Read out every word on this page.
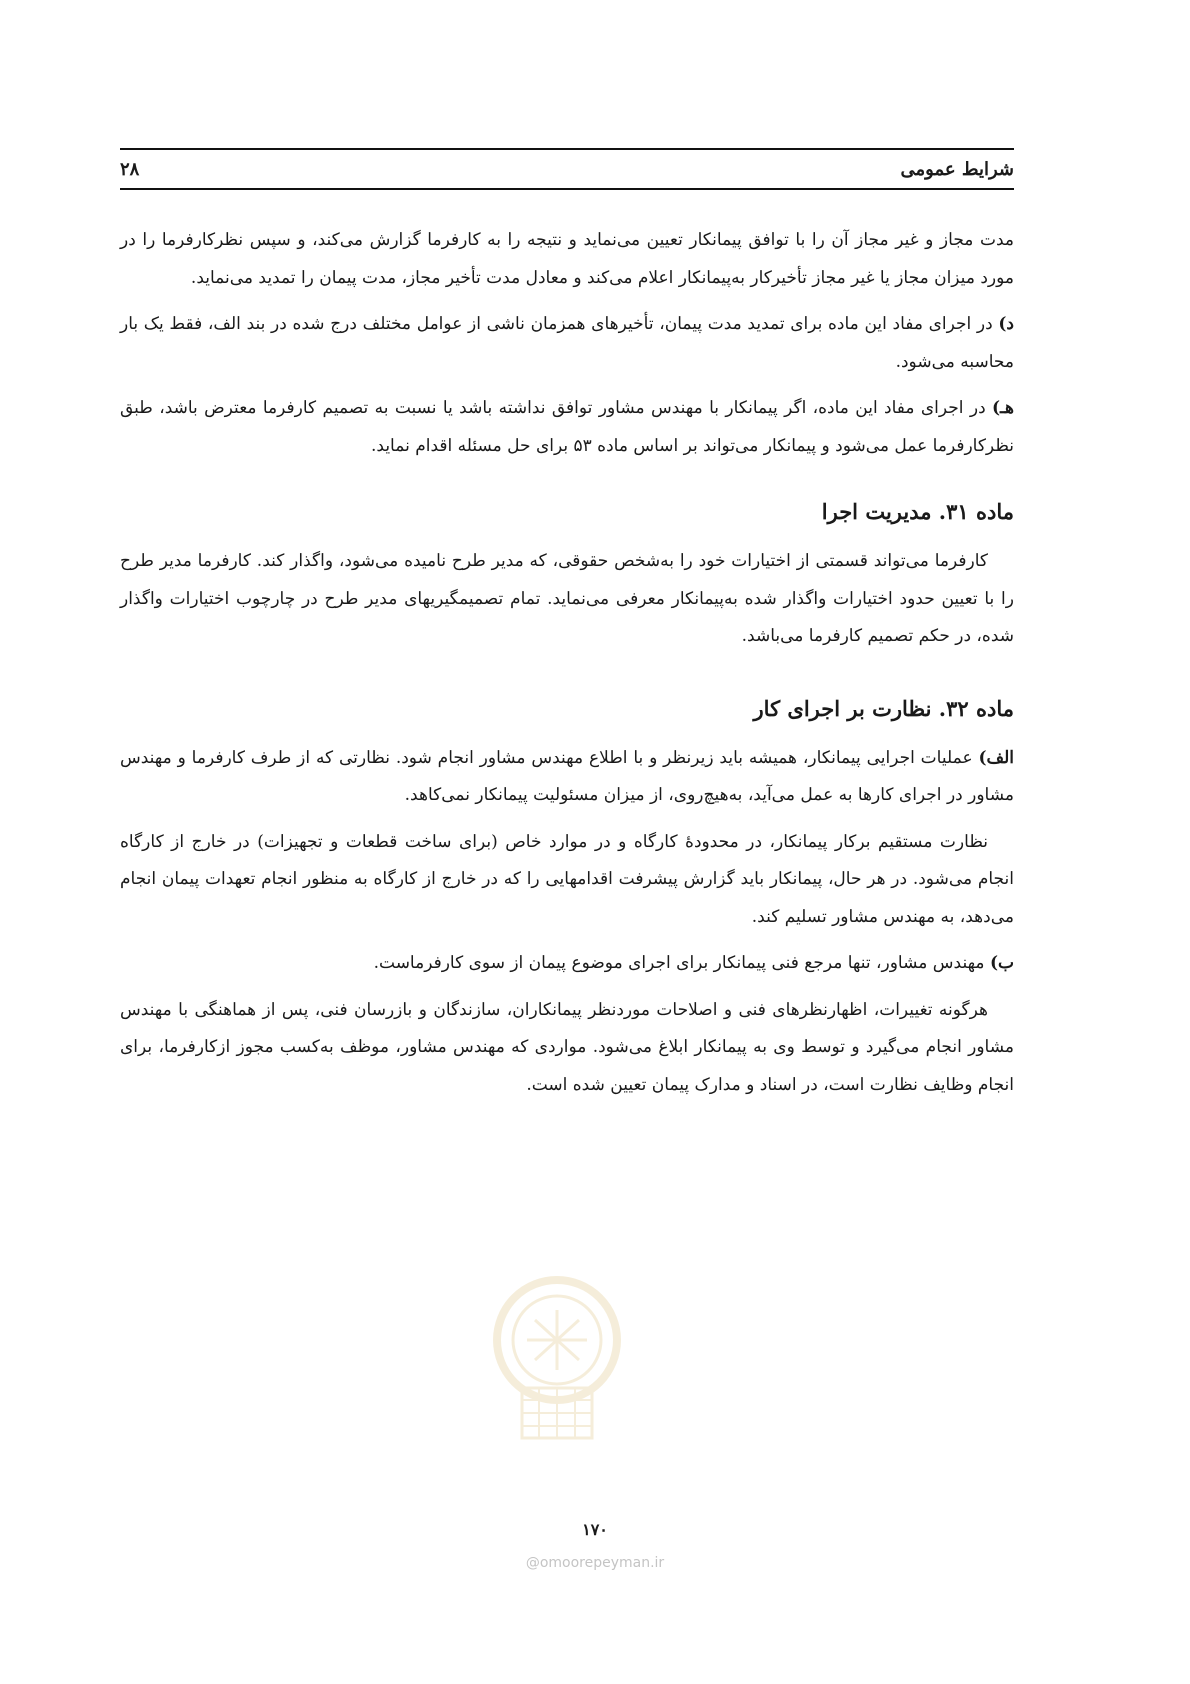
شرایط عمومی
۲۸

مدت مجاز و غیر مجاز آن را با توافق پیمانکار تعیین می‌نماید و نتیجه را به کارفرما گزارش می‌کند، و سپس نظرکارفرما را در مورد میزان مجاز یا غیر مجاز تأخیرکار به‌پیمانکار اعلام می‌کند و معادل مدت تأخیر مجاز، مدت پیمان را تمدید می‌نماید.

د) در اجرای مفاد این ماده برای تمدید مدت پیمان، تأخیرهای همزمان ناشی از عوامل مختلف درج شده در بند الف، فقط یک بار محاسبه می‌شود.

هـ) در اجرای مفاد این ماده، اگر پیمانکار با مهندس مشاور توافق نداشته باشد یا نسبت به تصمیم کارفرما معترض باشد، طبق نظرکارفرما عمل می‌شود و پیمانکار می‌تواند بر اساس ماده ۵۳ برای حل مسئله اقدام نماید.

ماده ۳۱. مدیریت اجرا

کارفرما می‌تواند قسمتی از اختیارات خود را به‌شخص حقوقی، که مدیر طرح نامیده می‌شود، واگذار کند. کارفرما مدیر طرح را با تعیین حدود اختیارات واگذار شده به‌پیمانکار معرفی می‌نماید. تمام تصمیمگیریهای مدیر طرح در چارچوب اختیارات واگذار شده، در حکم تصمیم کارفرما می‌باشد.

ماده ۳۲. نظارت بر اجرای کار

الف) عملیات اجرایی پیمانکار، همیشه باید زیرنظر و با اطلاع مهندس مشاور انجام شود. نظارتی که از طرف کارفرما و مهندس مشاور در اجرای کارها به عمل می‌آید، به‌هیچ‌روی، از میزان مسئولیت پیمانکار نمی‌کاهد.

نظارت مستقیم برکار پیمانکار، در محدودهٔ کارگاه و در موارد خاص (برای ساخت قطعات و تجهیزات) در خارج از کارگاه انجام می‌شود. در هر حال، پیمانکار باید گزارش پیشرفت اقدامهایی را که در خارج از کارگاه به منظور انجام تعهدات پیمان انجام می‌دهد، به مهندس مشاور تسلیم کند.

ب) مهندس مشاور، تنها مرجع فنی پیمانکار برای اجرای موضوع پیمان از سوی کارفرماست.

هرگونه تغییرات، اظهارنظرهای فنی و اصلاحات موردنظر پیمانکاران، سازندگان و بازرسان فنی، پس از هماهنگی با مهندس مشاور انجام می‌گیرد و توسط وی به پیمانکار ابلاغ می‌شود. مواردی که مهندس مشاور، موظف به‌کسب مجوز ازکارفرما، برای انجام وظایف نظارت است، در اسناد و مدارک پیمان تعیین شده است.

۱۷۰
@omoorepeyman.ir
